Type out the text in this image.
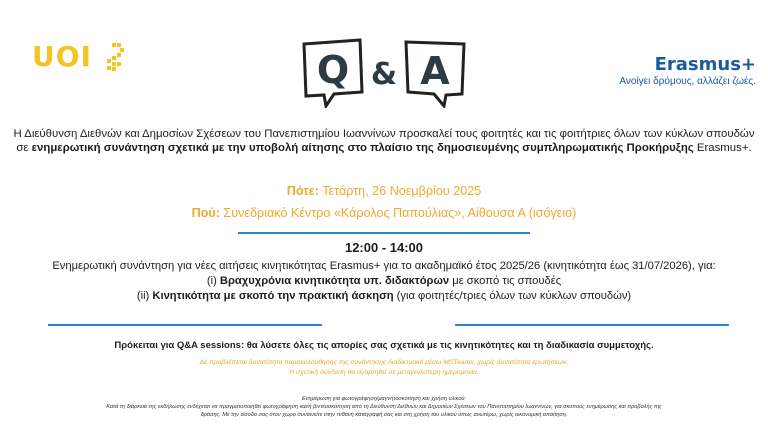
UOI	Q & A	Erasmus+
Ανοίγει δρόμους, αλλάζει ζωές.
Η Διεύθυνση Διεθνών και Δημοσίων Σχέσεων του Πανεπιστημίου Ιωαννίνων προσκαλεί τους φοιτητές και τις φοιτήτριες όλων των κύκλων σπουδών σε ενημερωτική συνάντηση σχετικά με την υποβολή αίτησης στο πλαίσιο της δημοσιευμένης συμπληρωματικής Προκήρυξης Erasmus+.
Πότε: Τετάρτη, 26 Νοεμβρίου 2025
Πού: Συνεδριακό Κέντρο «Κάρολος Παπούλιας», Αίθουσα Α (ισόγειο)
12:00 - 14:00
Ενημερωτική συνάντηση για νέες αιτήσεις κινητικότητας Erasmus+ για το ακαδημαϊκό έτος 2025/26 (κινητικότητα έως 31/07/2026), για:
(i) Βραχυχρόνια κινητικότητα υπ. διδακτόρων με σκοπό τις σπουδές
(ii) Κινητικότητα με σκοπό την πρακτική άσκηση (για φοιτητές/τριες όλων των κύκλων σπουδών)
Πρόκειται για Q&A sessions: θα λύσετε όλες τις απορίες σας σχετικά με τις κινητικότητες και τη διαδικασία συμμετοχής.
Δε προβλέπεται δυνατότητα παρακολούθησης της συνάντησης διαδικτυακά μέσω MSTeams, χωρίς δυνατότητα ερωτήσεων.
Η σχετική σύνδεση θα αναρτηθεί σε μεταγενέστερη ημερομηνία.
Ενημέρωση για φωτογράφηση/μαγνητοσκόπηση και χρήση υλικού:
Κατά τη διάρκεια της εκδήλωσης ενδέχεται να πραγματοποιηθεί φωτογράφηση και/ή βιντεοσκόπηση από τη Διεύθυνση Διεθνών και Δημοσίων Σχέσεων του Πανεπιστημίου Ιωαννίνων, για σκοπούς ενημέρωσης και προβολής της
δράσης. Με την είσοδό σας στον χώρο συναινείτε στην πιθανή καταγραφή σας και στη χρήση του υλικού όπως ανωτέρω, χωρίς οικονομική απαίτηση.
